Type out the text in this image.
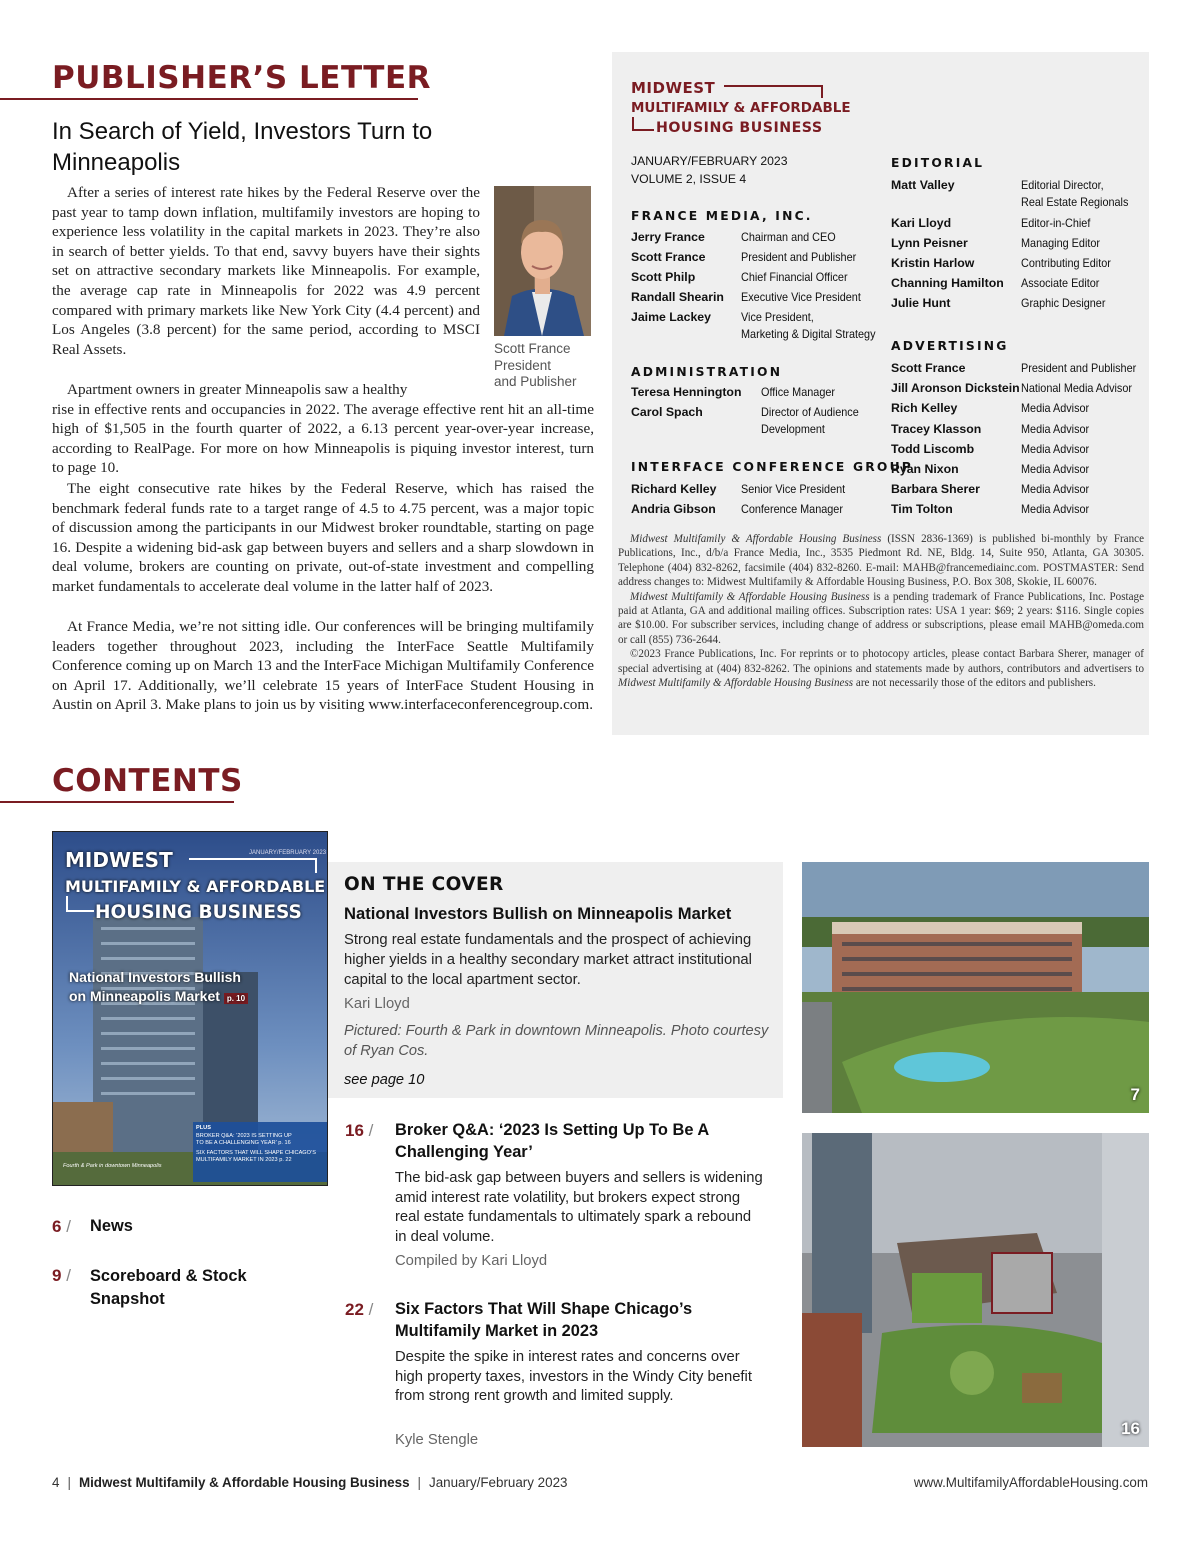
PUBLISHER’S LETTER
In Search of Yield, Investors Turn to Minneapolis

After a series of interest rate hikes by the Federal Reserve over the past year to tamp down inflation, multifamily investors are hoping to experience less volatility in the capital markets in 2023. They’re also in search of better yields. To that end, savvy buyers have their sights set on attractive secondary markets like Minneapolis. For example, the average cap rate in Minneapolis for 2022 was 4.9 percent compared with primary markets like New York City (4.4 percent) and Los Angeles (3.8 percent) for the same period, according to MSCI Real Assets.

Apartment owners in greater Minneapolis saw a healthy
rise in effective rents and occupancies in 2022. The average effective rent hit an all-time high of $1,505 in the fourth quarter of 2022, a 6.13 percent year-over-year increase, according to RealPage. For more on how Minneapolis is piquing investor interest, turn to page 10.

The eight consecutive rate hikes by the Federal Reserve, which has raised the benchmark federal funds rate to a target range of 4.5 to 4.75 percent, was a major topic of discussion among the participants in our Midwest broker roundtable, starting on page 16. Despite a widening bid-ask gap between buyers and sellers and a sharp slowdown in deal volume, brokers are counting on private, out-of-state investment and compelling market fundamentals to accelerate deal volume in the latter half of 2023.

At France Media, we’re not sitting idle. Our conferences will be bringing multifamily leaders together throughout 2023, including the InterFace Seattle Multifamily Conference coming up on March 13 and the InterFace Michigan Multifamily Conference on April 17. Additionally, we’ll celebrate 15 years of InterFace Student Housing in Austin on April 3. Make plans to join us by visiting www.interfaceconferencegroup.com.

Scott France
President
and Publisher
MIDWEST
MULTIFAMILY & AFFORDABLE
HOUSING BUSINESS
JANUARY/FEBRUARY 2023
VOLUME 2, ISSUE 4
FRANCE MEDIA, INC.
Jerry France	Chairman and CEO
Scott France	President and Publisher
Scott Philp	Chief Financial Officer
Randall Shearin Executive Vice President
Jaime Lackey	Vice President,
Marketing & Digital Strategy
ADMINISTRATION
Teresa Hennington Office Manager
Carol Spach	Director of Audience
Development
INTERFACE CONFERENCE GROUP
Richard Kelley Senior Vice President
Andria Gibson Conference Manager
EDITORIAL
Matt Valley	Editorial Director,
Real Estate Regionals
Kari Lloyd	Editor-in-Chief
Lynn Peisner	Managing Editor
Kristin Harlow	Contributing Editor
Channing Hamilton Associate Editor
Julie Hunt	Graphic Designer
ADVERTISING
Scott France	President and Publisher
Jill Aronson Dickstein National Media Advisor
Rich Kelley	Media Advisor
Tracey Klasson	Media Advisor
Todd Liscomb	Media Advisor
Ryan Nixon	Media Advisor
Barbara Sherer	Media Advisor
Tim Tolton	Media Advisor

Midwest Multifamily & Affordable Housing Business (ISSN 2836-1369) is published bi-monthly by France Publications, Inc., d/b/a France Media, Inc., 3535 Piedmont Rd. NE, Bldg. 14, Suite 950, Atlanta, GA 30305. Telephone (404) 832-8262, facsimile (404) 832-8260. E-mail: MAHB@francemediainc.com. POSTMASTER: Send address changes to: Midwest Multifamily & Affordable Housing Business, P.O. Box 308, Skokie, IL 60076.

Midwest Multifamily & Affordable Housing Business is a pending trademark of France Publications, Inc. Postage paid at Atlanta, GA and additional mailing offices. Subscription rates: USA 1 year: $69; 2 years: $116. Single copies are $10.00. For subscriber services, including change of address or subscriptions, please email MAHB@omeda.com or call (855) 736-2644.

©2023 France Publications, Inc. For reprints or to photocopy articles, please contact Barbara Sherer, manager of special advertising at (404) 832-8262. The opinions and statements made by authors, contributors and advertisers to Midwest Multifamily & Affordable Housing Business are not necessarily those of the editors and publishers.

CONTENTS
MIDWEST
MULTIFAMILY & AFFORDABLE
HOUSING BUSINESS
JANUARY/FEBRUARY 2023
National Investors Bullish
on Minneapolis Market p. 10
PLUS
BROKER Q&A: ‘2023 IS SETTING UP
TO BE A CHALLENGING YEAR’ p. 16
SIX FACTORS THAT WILL SHAPE CHICAGO’S
MULTIFAMILY MARKET IN 2023 p. 22
Fourth & Park in downtown Minneapolis
ON THE COVER
National Investors Bullish on Minneapolis Market
Strong real estate fundamentals and the prospect of achieving higher yields in a healthy secondary market attract institutional capital to the local apartment sector.
Kari Lloyd
Pictured: Fourth & Park in downtown Minneapolis. Photo courtesy of Ryan Cos.
see page 10
16 / Broker Q&A: ‘2023 Is Setting Up To Be A Challenging Year’
The bid-ask gap between buyers and sellers is widening amid interest rate volatility, but brokers expect strong real estate fundamentals to ultimately spark a rebound in deal volume.
Compiled by Kari Lloyd
22 / Six Factors That Will Shape Chicago’s Multifamily Market in 2023
Despite the spike in interest rates and concerns over high property taxes, investors in the Windy City benefit from strong rent growth and limited supply.
Kyle Stengle
6 / News
9 / Scoreboard & Stock Snapshot
7
16
4 | Midwest Multifamily & Affordable Housing Business | January/February 2023	www.MultifamilyAffordableHousing.com
